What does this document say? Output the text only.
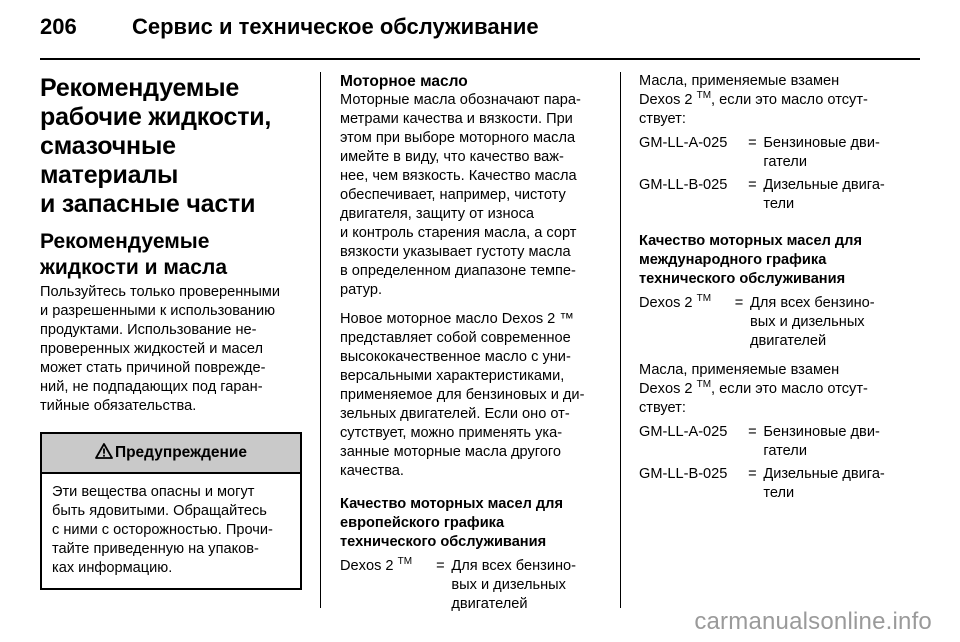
206	Сервис и техническое обслуживание
Рекомендуемые
рабочие жидкости,
смазочные
материалы
и запасные части
Рекомендуемые
жидкости и масла

Пользуйтесь только проверенными
и разрешенными к использованию
продуктами. Использование не-
проверенных жидкостей и масел
может стать причиной поврежде-
ний, не подпадающих под гаран-
тийные обязательства.

Предупреждение

Эти вещества опасны и могут
быть ядовитыми. Обращайтесь
с ними с осторожностью. Прочи-
тайте приведенную на упаков-
ках информацию.

Моторное масло

Моторные масла обозначают пара-
метрами качества и вязкости. При
этом при выборе моторного масла
имейте в виду, что качество важ-
нее, чем вязкость. Качество масла
обеспечивает, например, чистоту
двигателя, защиту от износа
и контроль старения масла, а сорт
вязкости указывает густоту масла
в определенном диапазоне темпе-
ратур.

Новое моторное масло Dexos 2 ™
представляет собой современное
высококачественное масло с уни-
версальными характеристиками,
применяемое для бензиновых и ди-
зельных двигателей. Если оно от-
сутствует, можно применять ука-
занные моторные масла другого
качества.

Качество моторных масел для
европейского графика
технического обслуживания
Dexos 2 ™	=	Для всех бензино-
вых и дизельных
двигателей

Масла, применяемые взамен
Dexos 2 ™, если это масло отсут-
ствует:

GM-LL-A-025	=	Бензиновые дви-
гатели
GM-LL-B-025	=	Дизельные двига-
тели
Качество моторных масел для
международного графика
технического обслуживания
Dexos 2 ™	=	Для всех бензино-
вых и дизельных
двигателей

Масла, применяемые взамен
Dexos 2 ™, если это масло отсут-
ствует:

GM-LL-A-025	=	Бензиновые дви-
гатели
GM-LL-B-025	=	Дизельные двига-
тели
carmanualsonline.info
